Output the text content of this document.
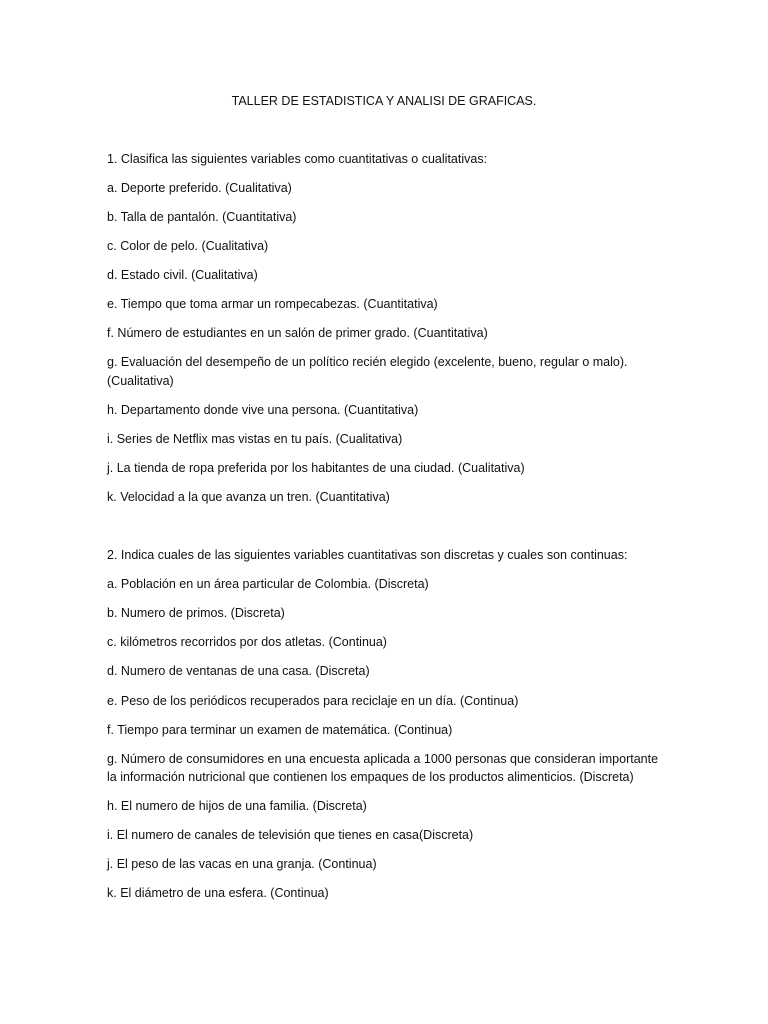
TALLER DE ESTADISTICA Y ANALISI DE GRAFICAS.
1. Clasifica las siguientes variables como cuantitativas o cualitativas:
a. Deporte preferido. (Cualitativa)
b. Talla de pantalón. (Cuantitativa)
c. Color de pelo. (Cualitativa)
d. Estado civil. (Cualitativa)
e. Tiempo que toma armar un rompecabezas. (Cuantitativa)
f. Número de estudiantes en un salón de primer grado. (Cuantitativa)
g. Evaluación del desempeño de un político recién elegido (excelente, bueno, regular o malo).
(Cualitativa)
h. Departamento donde vive una persona. (Cuantitativa)
i. Series de Netflix mas vistas en tu país. (Cualitativa)
j. La tienda de ropa preferida por los habitantes de una ciudad. (Cualitativa)
k. Velocidad a la que avanza un tren. (Cuantitativa)
2. Indica cuales de las siguientes variables cuantitativas son discretas y cuales son continuas:
a. Población en un área particular de Colombia. (Discreta)
b. Numero de primos. (Discreta)
c. kilómetros recorridos por dos atletas. (Continua)
d. Numero de ventanas de una casa. (Discreta)
e. Peso de los periódicos recuperados para reciclaje en un día. (Continua)
f. Tiempo para terminar un examen de matemática. (Continua)
g. Número de consumidores en una encuesta aplicada a 1000 personas que consideran importante
la información nutricional que contienen los empaques de los productos alimenticios. (Discreta)
h. El numero de hijos de una familia. (Discreta)
i. El numero de canales de televisión que tienes en casa(Discreta)
j. El peso de las vacas en una granja. (Continua)
k. El diámetro de una esfera. (Continua)
